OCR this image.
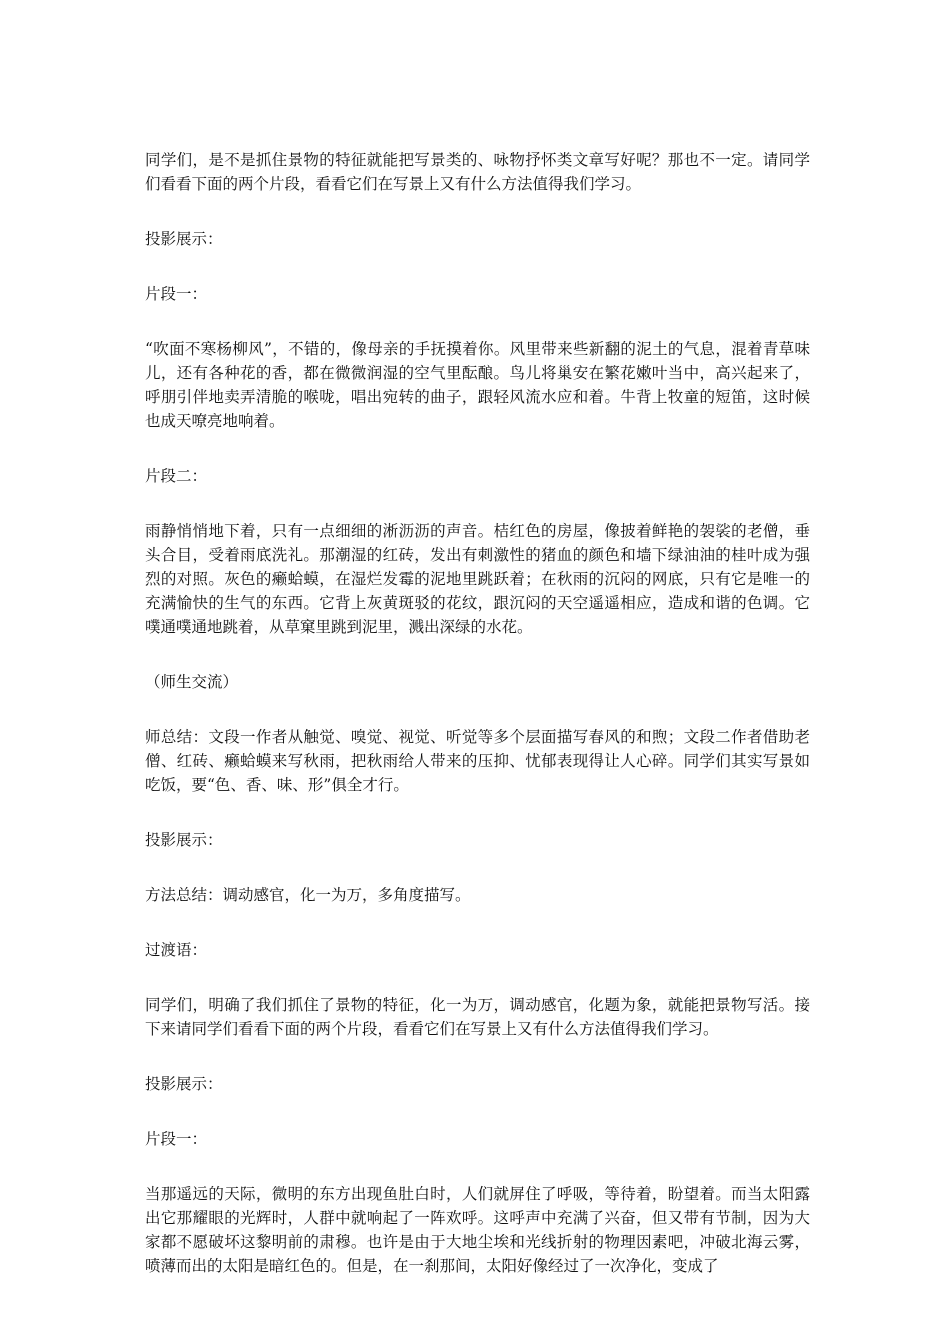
同学们，是不是抓住景物的特征就能把写景类的、咏物抒怀类文章写好呢？那也不一定。请同学们看看下面的两个片段，看看它们在写景上又有什么方法值得我们学习。

投影展示：

片段一：

“吹面不寒杨柳风”，不错的，像母亲的手抚摸着你。风里带来些新翻的泥土的气息，混着青草味儿，还有各种花的香，都在微微润湿的空气里酝酿。鸟儿将巢安在繁花嫩叶当中，高兴起来了，呼朋引伴地卖弄清脆的喉咙，唱出宛转的曲子，跟轻风流水应和着。牛背上牧童的短笛，这时候也成天嘹亮地响着。

片段二：

雨静悄悄地下着，只有一点细细的淅沥沥的声音。桔红色的房屋，像披着鲜艳的袈裟的老僧，垂头合目，受着雨底洗礼。那潮湿的红砖，发出有刺激性的猪血的颜色和墙下绿油油的桂叶成为强烈的对照。灰色的癞蛤蟆，在湿烂发霉的泥地里跳跃着；在秋雨的沉闷的网底，只有它是唯一的充满愉快的生气的东西。它背上灰黄斑驳的花纹，跟沉闷的天空遥遥相应，造成和谐的色调。它噗通噗通地跳着，从草窠里跳到泥里，溅出深绿的水花。

（师生交流）

师总结：文段一作者从触觉、嗅觉、视觉、听觉等多个层面描写春风的和煦；文段二作者借助老僧、红砖、癞蛤蟆来写秋雨，把秋雨给人带来的压抑、忧郁表现得让人心碎。同学们其实写景如吃饭，要“色、香、味、形”俱全才行。

投影展示：

方法总结：调动感官，化一为万，多角度描写。

过渡语：

同学们，明确了我们抓住了景物的特征，化一为万，调动感官，化题为象，就能把景物写活。接下来请同学们看看下面的两个片段，看看它们在写景上又有什么方法值得我们学习。

投影展示：

片段一：

当那遥远的天际，微明的东方出现鱼肚白时，人们就屏住了呼吸，等待着，盼望着。而当太阳露出它那耀眼的光辉时，人群中就响起了一阵欢呼。这呼声中充满了兴奋，但又带有节制，因为大家都不愿破坏这黎明前的肃穆。也许是由于大地尘埃和光线折射的物理因素吧，冲破北海云雾，喷薄而出的太阳是暗红色的。但是，在一刹那间，太阳好像经过了一次净化，变成了
